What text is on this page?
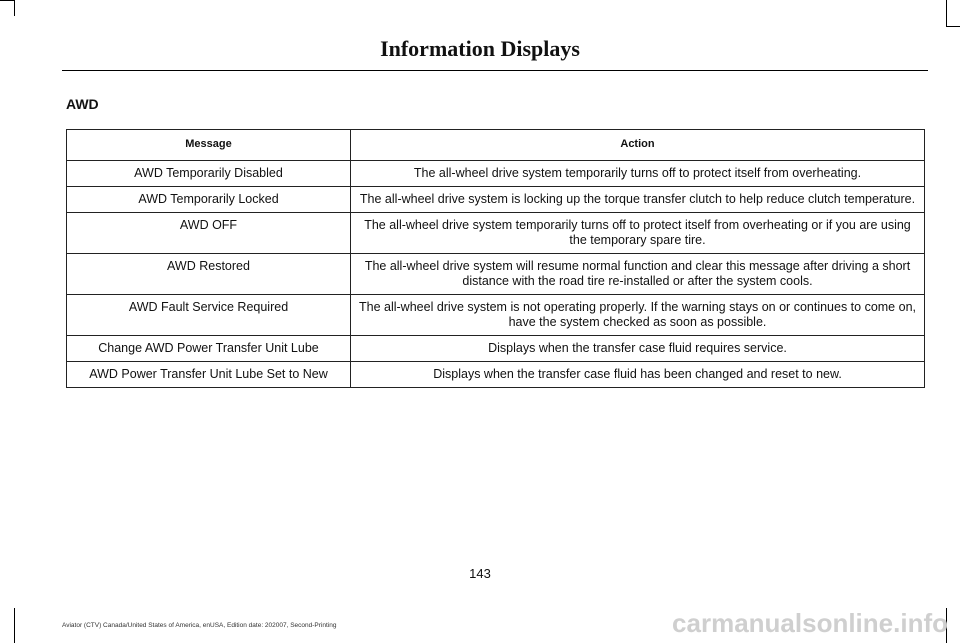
Information Displays
AWD
Message	Action
AWD Temporarily Disabled	The all-wheel drive system temporarily turns off to protect itself from overheating.
AWD Temporarily Locked	The all-wheel drive system is locking up the torque transfer clutch to help reduce clutch temperature.
AWD OFF	The all-wheel drive system temporarily turns off to protect itself from overheating or if you are using the temporary spare tire.
AWD Restored	The all-wheel drive system will resume normal function and clear this message after driving a short distance with the road tire re-installed or after the system cools.
AWD Fault Service Required	The all-wheel drive system is not operating properly. If the warning stays on or continues to come on, have the system checked as soon as possible.
Change AWD Power Transfer Unit Lube	Displays when the transfer case fluid requires service.
AWD Power Transfer Unit Lube Set to New	Displays when the transfer case fluid has been changed and reset to new.
143
Aviator (CTV) Canada/United States of America, enUSA, Edition date: 202007, Second-Printing	carmanualsonline.info
